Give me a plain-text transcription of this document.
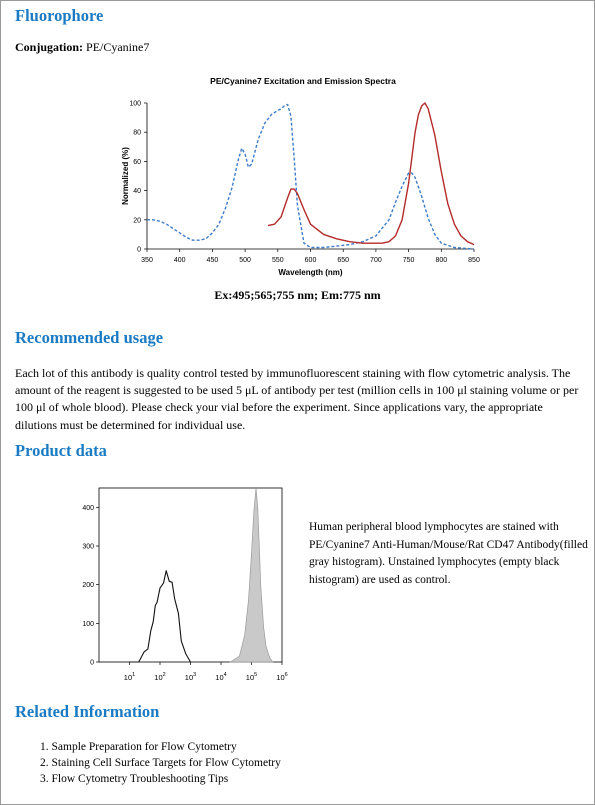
Fluorophore
Conjugation: PE/Cyanine7
PE/Cyanine7 Excitation and Emission Spectra
350	400	450	500	550	600	650	700	750	800	850
0
20
40
60
80
100
Wavelength (nm)
Normalized (%)
Ex:495;565;755 nm; Em:775 nm
Recommended usage

Each lot of this antibody is quality control tested by immunofluorescent staining with flow cytometric analysis. The amount of the reagent is suggested to be used 5 μL of antibody per test (million cells in 100 μl staining volume or per 100 μl of whole blood). Please check your vial before the experiment. Since applications vary, the appropriate dilutions must be determined for individual use.

Product data
0
100
200
300
400
$10^1$	$10^2$	$10^3$	$10^4$	$10^5$	$10^6$
Human peripheral blood lymphocytes are stained with PE/Cyanine7 Anti-Human/Mouse/Rat CD47 Antibody(filled gray histogram). Unstained lymphocytes (empty black histogram) are used as control.
Related Information
1. Sample Preparation for Flow Cytometry
2. Staining Cell Surface Targets for Flow Cytometry
3. Flow Cytometry Troubleshooting Tips
